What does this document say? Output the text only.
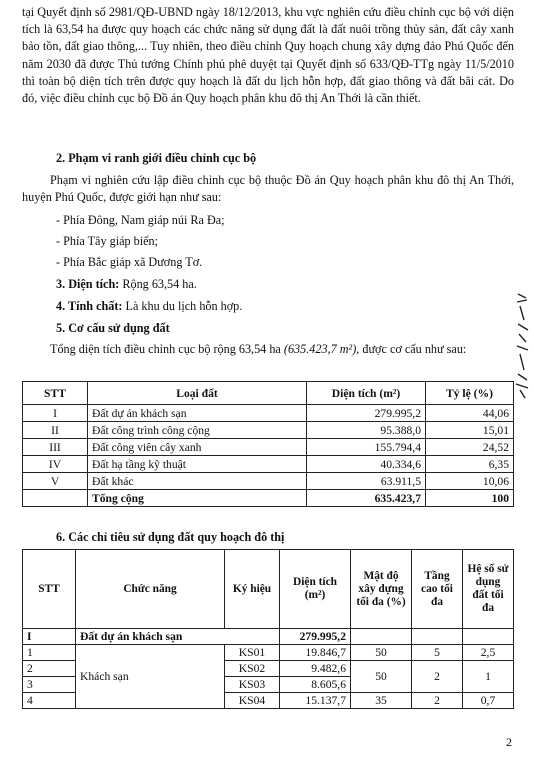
tại Quyết định số 2981/QĐ-UBND ngày 18/12/2013, khu vực nghiên cứu điều chỉnh cục bộ với diện tích là 63,54 ha được quy hoạch các chức năng sử dụng đất là đất nuôi trồng thủy sản, đất cây xanh bảo tồn, đất giao thông,... Tuy nhiên, theo điều chỉnh Quy hoạch chung xây dựng đảo Phú Quốc đến năm 2030 đã được Thủ tướng Chính phủ phê duyệt tại Quyết định số 633/QĐ-TTg ngày 11/5/2010 thì toàn bộ diện tích trên được quy hoạch là đất du lịch hỗn hợp, đất giao thông và đất bãi cát. Do đó, việc điều chỉnh cục bộ Đồ án Quy hoạch phân khu đô thị An Thới là cần thiết.
2. Phạm vi ranh giới điều chỉnh cục bộ
Phạm vi nghiên cứu lập điều chỉnh cục bộ thuộc Đồ án Quy hoạch phân khu đô thị An Thới, huyện Phú Quốc, được giới hạn như sau:
- Phía Đông, Nam giáp núi Ra Đa;
- Phía Tây giáp biển;
- Phía Bắc giáp xã Dương Tơ.
3. Diện tích: Rộng 63,54 ha.
4. Tính chất: Là khu du lịch hỗn hợp.
5. Cơ cấu sử dụng đất
Tổng diện tích điều chỉnh cục bộ rộng 63,54 ha (635.423,7 m²), được cơ cấu như sau:
STT	Loại đất	Diện tích (m²)	Tỷ lệ (%)
I	Đất dự án khách sạn	279.995,2	44,06
II	Đất công trình công cộng	95.388,0	15,01
III	Đất công viên cây xanh	155.794,4	24,52
IV	Đất hạ tầng kỹ thuật	40.334,6	6,35
V	Đất khác	63.911,5	10,06
	Tổng cộng	635.423,7	100
6. Các chỉ tiêu sử dụng đất quy hoạch đô thị
STT	Chức năng	Ký hiệu	Diện tích (m²)	Mật độ xây dựng tối đa (%)	Tầng cao tối đa	Hệ số sử dụng đất tối đa
I	Đất dự án khách sạn		279.995,2			
1	Khách sạn	KS01	19.846,7	50	5	2,5
2		KS02	9.482,6	50	2	1
3		KS03	8.605,6			
4		KS04	15.137,7	35	2	0,7
2
